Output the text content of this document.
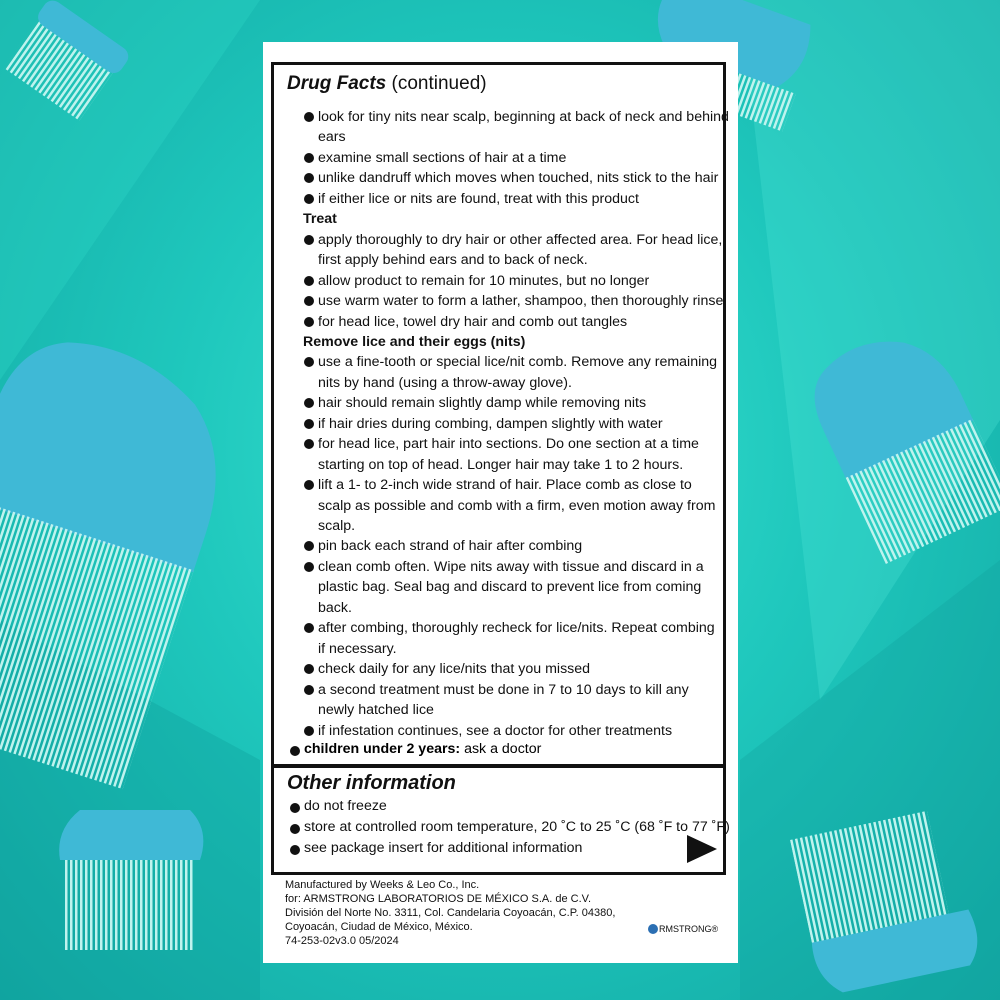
Drug Facts (continued)
look for tiny nits near scalp, beginning at back of neck and behind
ears
examine small sections of hair at a time
unlike dandruff which moves when touched, nits stick to the hair
if either lice or nits are found, treat with this product
Treat
apply thoroughly to dry hair or other affected area. For head lice,
first apply behind ears and to back of neck.
allow product to remain for 10 minutes, but no longer
use warm water to form a lather, shampoo, then thoroughly rinse
for head lice, towel dry hair and comb out tangles
Remove lice and their eggs (nits)
use a fine-tooth or special lice/nit comb. Remove any remaining
nits by hand (using a throw-away glove).
hair should remain slightly damp while removing nits
if hair dries during combing, dampen slightly with water
for head lice, part hair into sections. Do one section at a time
starting on top of head. Longer hair may take 1 to 2 hours.
lift a 1- to 2-inch wide strand of hair. Place comb as close to
scalp as possible and comb with a firm, even motion away from
scalp.
pin back each strand of hair after combing
clean comb often. Wipe nits away with tissue and discard in a
plastic bag. Seal bag and discard to prevent lice from coming
back.
after combing, thoroughly recheck for lice/nits. Repeat combing
if necessary.
check daily for any lice/nits that you missed
a second treatment must be done in 7 to 10 days to kill any
newly hatched lice
if infestation continues, see a doctor for other treatments
children under 2 years: ask a doctor
Other information
do not freeze
store at controlled room temperature, 20 ˚C to 25 ˚C (68 ˚F to 77 ˚F)
see package insert for additional information
Manufactured by Weeks & Leo Co., Inc.
for: ARMSTRONG LABORATORIOS DE MÉXICO S.A. de C.V.
División del Norte No. 3311, Col. Candelaria Coyoacán, C.P. 04380,
Coyoacán, Ciudad de México, México.
74-253-02v3.0 05/2024
RMSTRONG®
